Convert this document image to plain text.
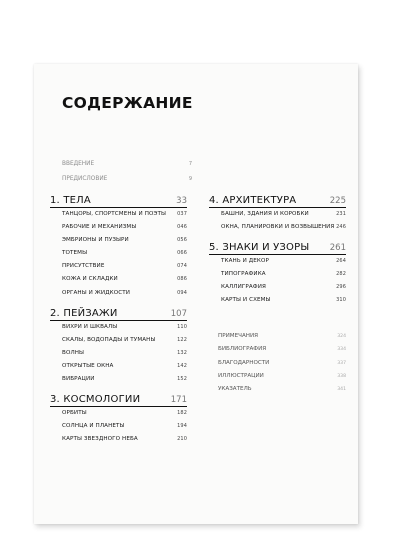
СОДЕРЖАНИЕ
ВВЕДЕНИЕ	7
ПРЕДИСЛОВИЕ	9
1. ТЕЛА	33
ТАНЦОРЫ, СПОРТСМЕНЫ И ПОЭТЫ 037
РАБОЧИЕ И МЕХАНИЗМЫ	046
ЭМБРИОНЫ И ПУЗЫРИ	056
ТОТЕМЫ	066
ПРИСУТСТВИЕ	074
КОЖА И СКЛАДКИ	086
ОРГАНЫ И ЖИДКОСТИ	094
2. ПЕЙЗАЖИ	107
ВИХРИ И ШКВАЛЫ	110
СКАЛЫ, ВОДОПАДЫ И ТУМАНЫ	122
ВОЛНЫ	132
ОТКРЫТЫЕ ОКНА	142
ВИБРАЦИИ	152
3. КОСМОЛОГИИ	171
ОРБИТЫ	182
СОЛНЦА И ПЛАНЕТЫ	194
КАРТЫ ЗВЕЗДНОГО НЕБА	210
4. АРХИТЕКТУРА	225
БАШНИ, ЗДАНИЯ И КОРОБКИ	231
ОКНА, ПЛАНИРОВКИ И ВОЗВЫШЕНИЯ 246
5. ЗНАКИ И УЗОРЫ 261
ТКАНЬ И ДЕКОР	264
ТИПОГРАФИКА	282
КАЛЛИГРАФИЯ	296
КАРТЫ И СХЕМЫ	310
ПРИМЕЧАНИЯ	324
БИБЛИОГРАФИЯ	334
БЛАГОДАРНОСТИ	337
ИЛЛЮСТРАЦИИ	338
УКАЗАТЕЛЬ	341
